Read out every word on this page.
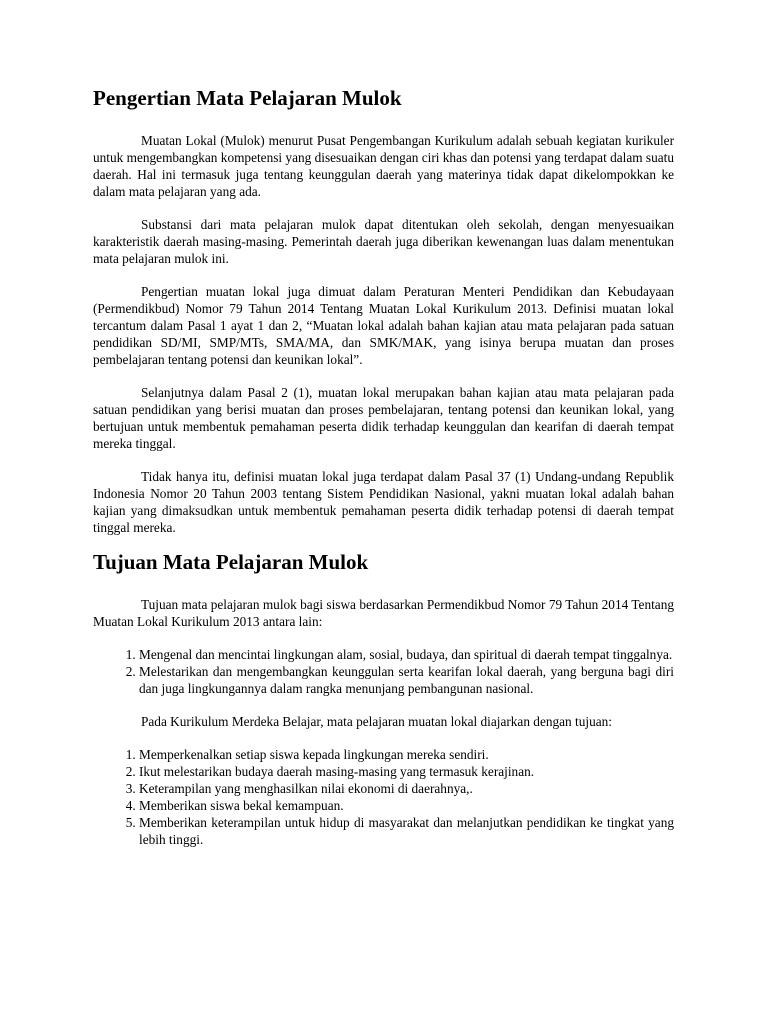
Pengertian Mata Pelajaran Mulok

Muatan Lokal (Mulok) menurut Pusat Pengembangan Kurikulum adalah sebuah kegiatan kurikuler untuk mengembangkan kompetensi yang disesuaikan dengan ciri khas dan potensi yang terdapat dalam suatu daerah. Hal ini termasuk juga tentang keunggulan daerah yang materinya tidak dapat dikelompokkan ke dalam mata pelajaran yang ada.

Substansi dari mata pelajaran mulok dapat ditentukan oleh sekolah, dengan menyesuaikan karakteristik daerah masing-masing. Pemerintah daerah juga diberikan kewenangan luas dalam menentukan mata pelajaran mulok ini.

Pengertian muatan lokal juga dimuat dalam Peraturan Menteri Pendidikan dan Kebudayaan (Permendikbud) Nomor 79 Tahun 2014 Tentang Muatan Lokal Kurikulum 2013. Definisi muatan lokal tercantum dalam Pasal 1 ayat 1 dan 2, “Muatan lokal adalah bahan kajian atau mata pelajaran pada satuan pendidikan SD/MI, SMP/MTs, SMA/MA, dan SMK/MAK, yang isinya berupa muatan dan proses pembelajaran tentang potensi dan keunikan lokal”.

Selanjutnya dalam Pasal 2 (1), muatan lokal merupakan bahan kajian atau mata pelajaran pada satuan pendidikan yang berisi muatan dan proses pembelajaran, tentang potensi dan keunikan lokal, yang bertujuan untuk membentuk pemahaman peserta didik terhadap keunggulan dan kearifan di daerah tempat mereka tinggal.

Tidak hanya itu, definisi muatan lokal juga terdapat dalam Pasal 37 (1) Undang-undang Republik Indonesia Nomor 20 Tahun 2003 tentang Sistem Pendidikan Nasional, yakni muatan lokal adalah bahan kajian yang dimaksudkan untuk membentuk pemahaman peserta didik terhadap potensi di daerah tempat tinggal mereka.

Tujuan Mata Pelajaran Mulok

Tujuan mata pelajaran mulok bagi siswa berdasarkan Permendikbud Nomor 79 Tahun 2014 Tentang Muatan Lokal Kurikulum 2013 antara lain:

1. Mengenal dan mencintai lingkungan alam, sosial, budaya, dan spiritual di daerah tempat tinggalnya.
2. Melestarikan dan mengembangkan keunggulan serta kearifan lokal daerah, yang berguna bagi diri dan juga lingkungannya dalam rangka menunjang pembangunan nasional.

Pada Kurikulum Merdeka Belajar, mata pelajaran muatan lokal diajarkan dengan tujuan:

1. Memperkenalkan setiap siswa kepada lingkungan mereka sendiri.
2. Ikut melestarikan budaya daerah masing-masing yang termasuk kerajinan.
3. Keterampilan yang menghasilkan nilai ekonomi di daerahnya,.
4. Memberikan siswa bekal kemampuan.
5. Memberikan keterampilan untuk hidup di masyarakat dan melanjutkan pendidikan ke tingkat yang lebih tinggi.
